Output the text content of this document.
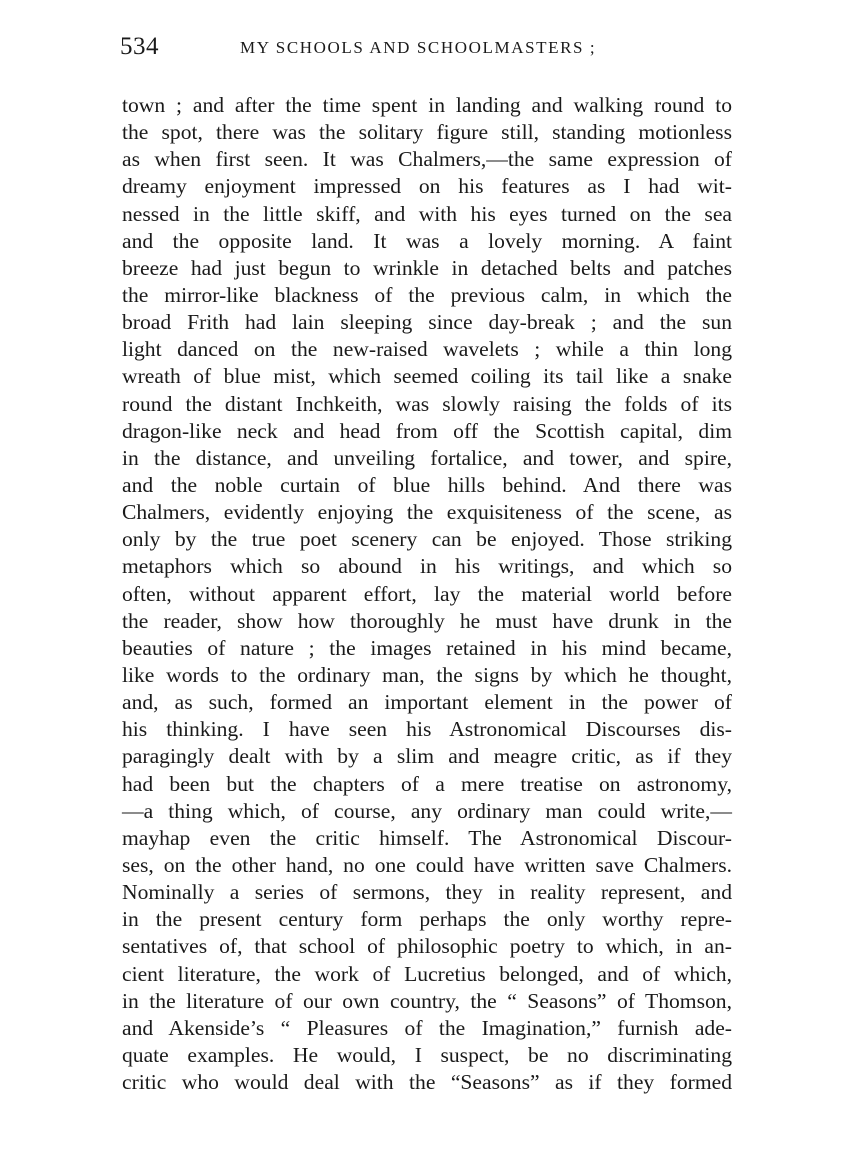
534	MY SCHOOLS AND SCHOOLMASTERS ;
town ; and after the time spent in landing and walking round to
the spot, there was the solitary figure still, standing motionless
as when first seen. It was Chalmers,—the same expression of
dreamy enjoyment impressed on his features as I had wit-
nessed in the little skiff, and with his eyes turned on the sea
and the opposite land. It was a lovely morning. A faint
breeze had just begun to wrinkle in detached belts and patches
the mirror-like blackness of the previous calm, in which the
broad Frith had lain sleeping since day-break ; and the sun
light danced on the new-raised wavelets ; while a thin long
wreath of blue mist, which seemed coiling its tail like a snake
round the distant Inchkeith, was slowly raising the folds of its
dragon-like neck and head from off the Scottish capital, dim
in the distance, and unveiling fortalice, and tower, and spire,
and the noble curtain of blue hills behind. And there was
Chalmers, evidently enjoying the exquisiteness of the scene, as
only by the true poet scenery can be enjoyed. Those striking
metaphors which so abound in his writings, and which so
often, without apparent effort, lay the material world before
the reader, show how thoroughly he must have drunk in the
beauties of nature ; the images retained in his mind became,
like words to the ordinary man, the signs by which he thought,
and, as such, formed an important element in the power of
his thinking. I have seen his Astronomical Discourses dis-
paragingly dealt with by a slim and meagre critic, as if they
had been but the chapters of a mere treatise on astronomy,
—a thing which, of course, any ordinary man could write,—
mayhap even the critic himself. The Astronomical Discour-
ses, on the other hand, no one could have written save Chalmers.
Nominally a series of sermons, they in reality represent, and
in the present century form perhaps the only worthy repre-
sentatives of, that school of philosophic poetry to which, in an-
cient literature, the work of Lucretius belonged, and of which,
in the literature of our own country, the “ Seasons” of Thomson,
and Akenside’s “ Pleasures of the Imagination,” furnish ade-
quate examples. He would, I suspect, be no discriminating
critic who would deal with the “Seasons” as if they formed
